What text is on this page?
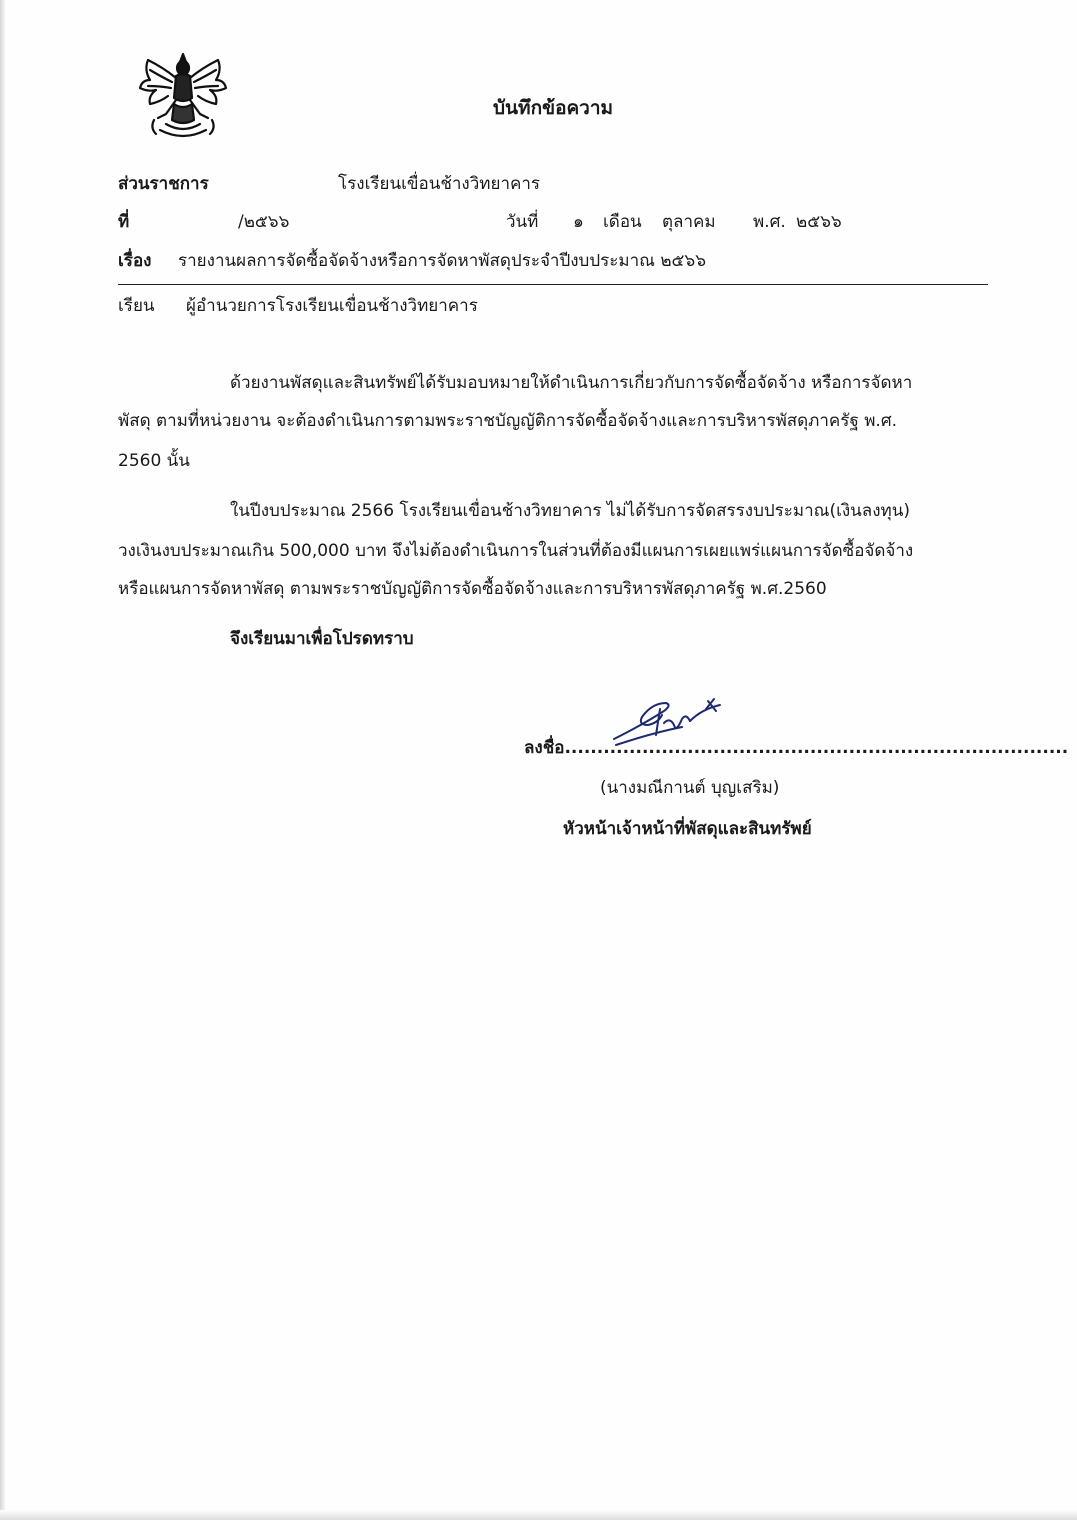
บันทึกข้อความ
ส่วนราชการ	โรงเรียนเขื่อนช้างวิทยาคาร
ที่	/๒๕๖๖	วันที่ ๑ เดือน ตุลาคม พ.ศ. ๒๕๖๖
เรื่อง รายงานผลการจัดซื้อจัดจ้างหรือการจัดหาพัสดุประจำปีงบประมาณ ๒๕๖๖
เรียน ผู้อำนวยการโรงเรียนเขื่อนช้างวิทยาคาร
ด้วยงานพัสดุและสินทรัพย์ได้รับมอบหมายให้ดำเนินการเกี่ยวกับการจัดซื้อจัดจ้าง หรือการจัดหา
พัสดุ ตามที่หน่วยงาน จะต้องดำเนินการตามพระราชบัญญัติการจัดซื้อจัดจ้างและการบริหารพัสดุภาครัฐ พ.ศ.
2560 นั้น
ในปีงบประมาณ 2566 โรงเรียนเขื่อนช้างวิทยาคาร ไม่ได้รับการจัดสรรงบประมาณ(เงินลงทุน)
วงเงินงบประมาณเกิน 500,000 บาท จึงไม่ต้องดำเนินการในส่วนที่ต้องมีแผนการเผยแพร่แผนการจัดซื้อจัดจ้าง
หรือแผนการจัดหาพัสดุ ตามพระราชบัญญัติการจัดซื้อจัดจ้างและการบริหารพัสดุภาครัฐ พ.ศ.2560
จึงเรียนมาเพื่อโปรดทราบ
ลงชื่อ..............................................................................
(นางมณีกานต์ บุญเสริม)
หัวหน้าเจ้าหน้าที่พัสดุและสินทรัพย์
